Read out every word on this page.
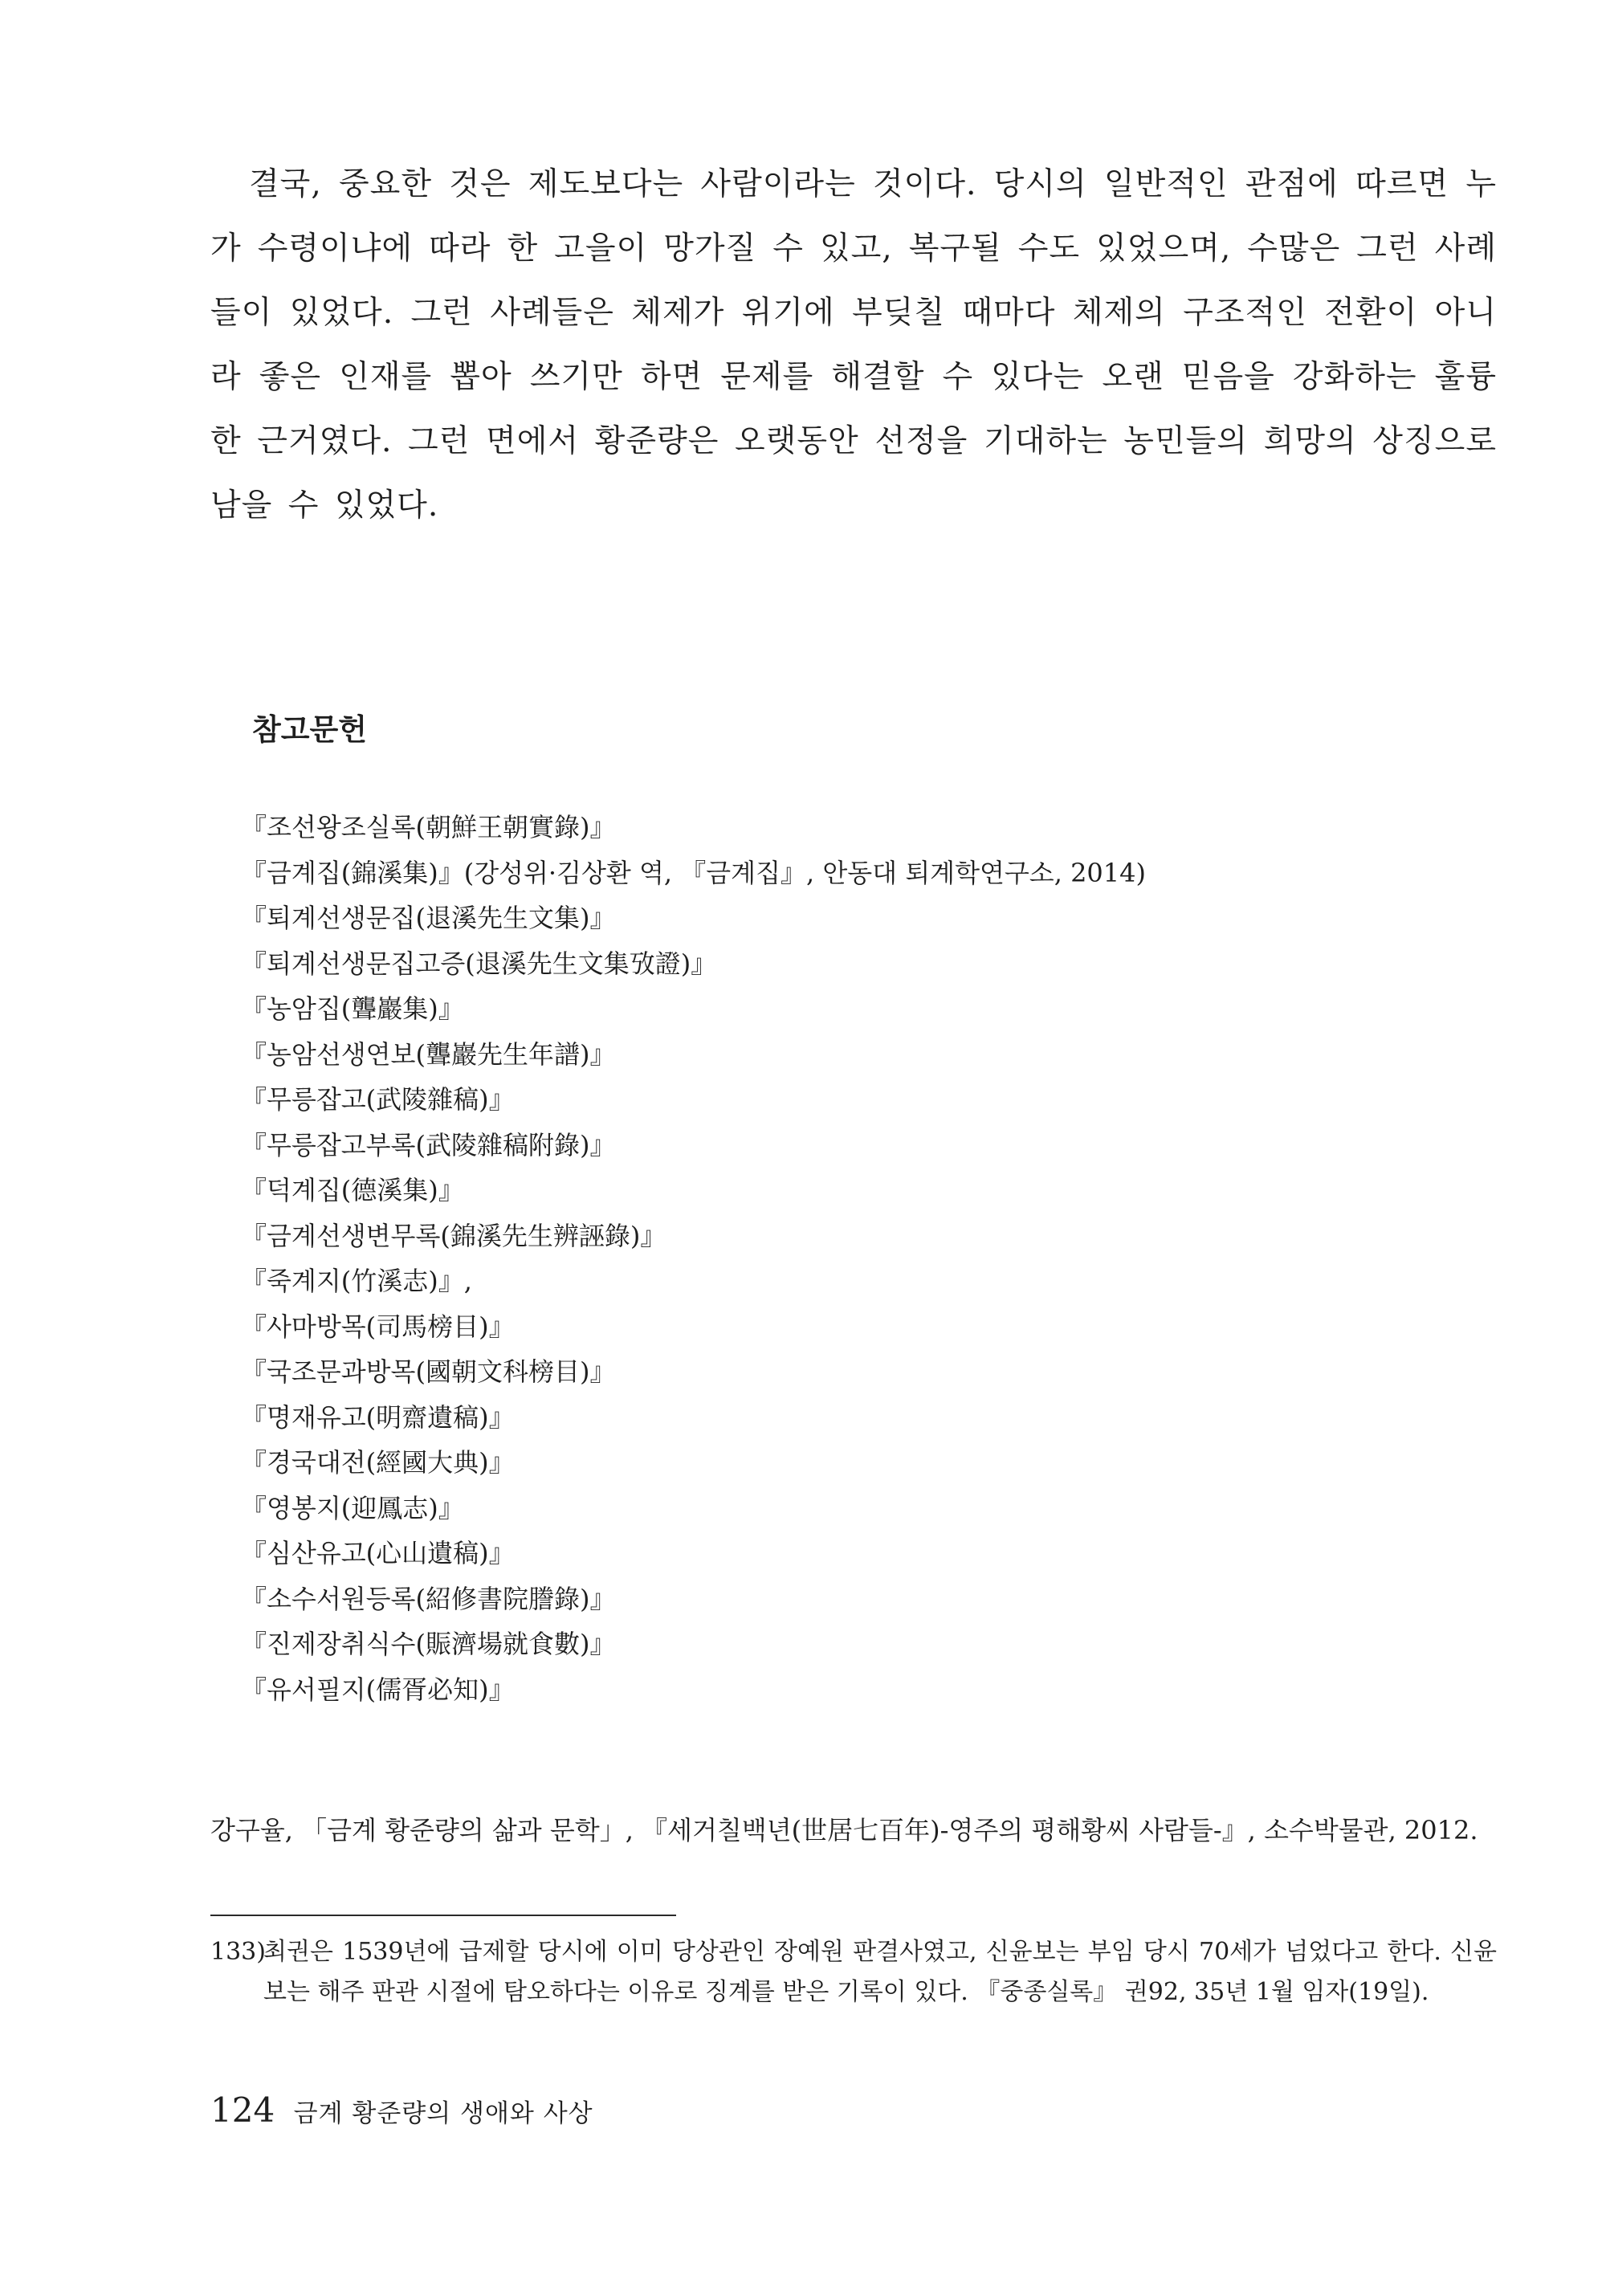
결국, 중요한 것은 제도보다는 사람이라는 것이다. 당시의 일반적인 관점에 따르면 누가 수령이냐에 따라 한 고을이 망가질 수 있고, 복구될 수도 있었으며, 수많은 그런 사례들이 있었다. 그런 사례들은 체제가 위기에 부딪칠 때마다 체제의 구조적인 전환이 아니라 좋은 인재를 뽑아 쓰기만 하면 문제를 해결할 수 있다는 오랜 믿음을 강화하는 훌륭한 근거였다. 그런 면에서 황준량은 오랫동안 선정을 기대하는 농민들의 희망의 상징으로 남을 수 있었다.

참고문헌
『조선왕조실록(朝鮮王朝實錄)』
『금계집(錦溪集)』(강성위·김상환 역, 『금계집』, 안동대 퇴계학연구소, 2014)
『퇴계선생문집(退溪先生文集)』
『퇴계선생문집고증(退溪先生文集攷證)』
『농암집(聾巖集)』
『농암선생연보(聾巖先生年譜)』
『무릉잡고(武陵雜稿)』
『무릉잡고부록(武陵雜稿附錄)』
『덕계집(德溪集)』
『금계선생변무록(錦溪先生辨誣錄)』
『죽계지(竹溪志)』,
『사마방목(司馬榜目)』
『국조문과방목(國朝文科榜目)』
『명재유고(明齋遺稿)』
『경국대전(經國大典)』
『영봉지(迎鳳志)』
『심산유고(心山遺稿)』
『소수서원등록(紹修書院謄錄)』
『진제장취식수(賑濟場就食數)』
『유서필지(儒胥必知)』

강구율, 「금계 황준량의 삶과 문학」, 『세거칠백년(世居七百年)-영주의 평해황씨 사람들-』, 소수박물관, 2012.

133)
최권은 1539년에 급제할 당시에 이미 당상관인 장예원 판결사였고, 신윤보는 부임 당시 70세가 넘었다고 한다. 신윤보는 해주 판관 시절에 탐오하다는 이유로 징계를 받은 기록이 있다. 『중종실록』 권92, 35년 1월 임자(19일).

124 금계 황준량의 생애와 사상
